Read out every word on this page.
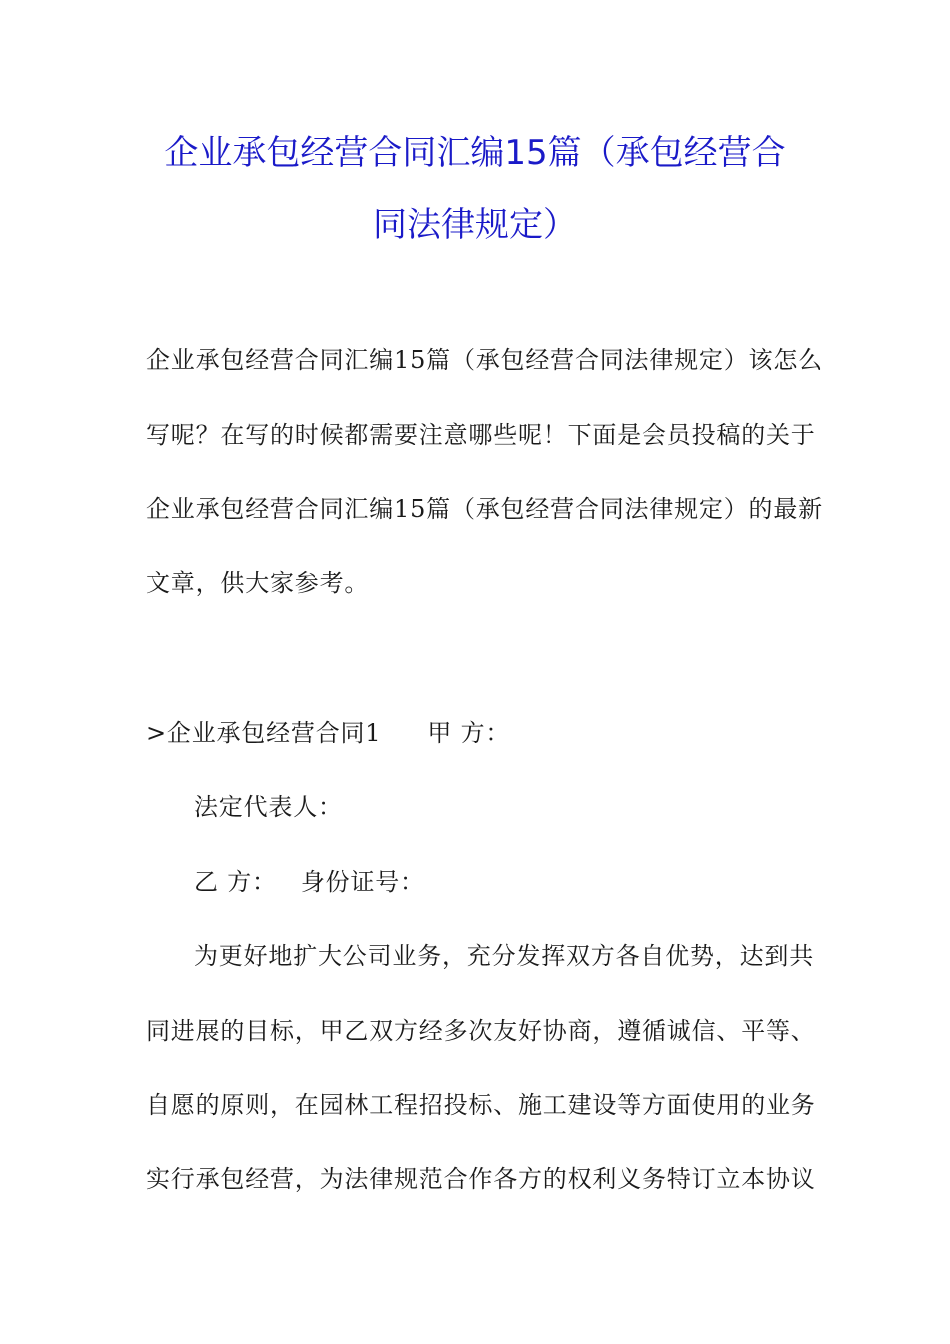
企业承包经营合同汇编15篇（承包经营合
同法律规定）
企业承包经营合同汇编15篇（承包经营合同法律规定）该怎么
写呢？在写的时候都需要注意哪些呢！下面是会员投稿的关于
企业承包经营合同汇编15篇（承包经营合同法律规定）的最新
文章，供大家参考。
>企业承包经营合同1 甲 方：
法定代表人：
乙 方： 身份证号：
为更好地扩大公司业务，充分发挥双方各自优势，达到共
同进展的目标，甲乙双方经多次友好协商，遵循诚信、平等、
自愿的原则，在园林工程招投标、施工建设等方面使用的业务
实行承包经营，为法律规范合作各方的权利义务特订立本协议
